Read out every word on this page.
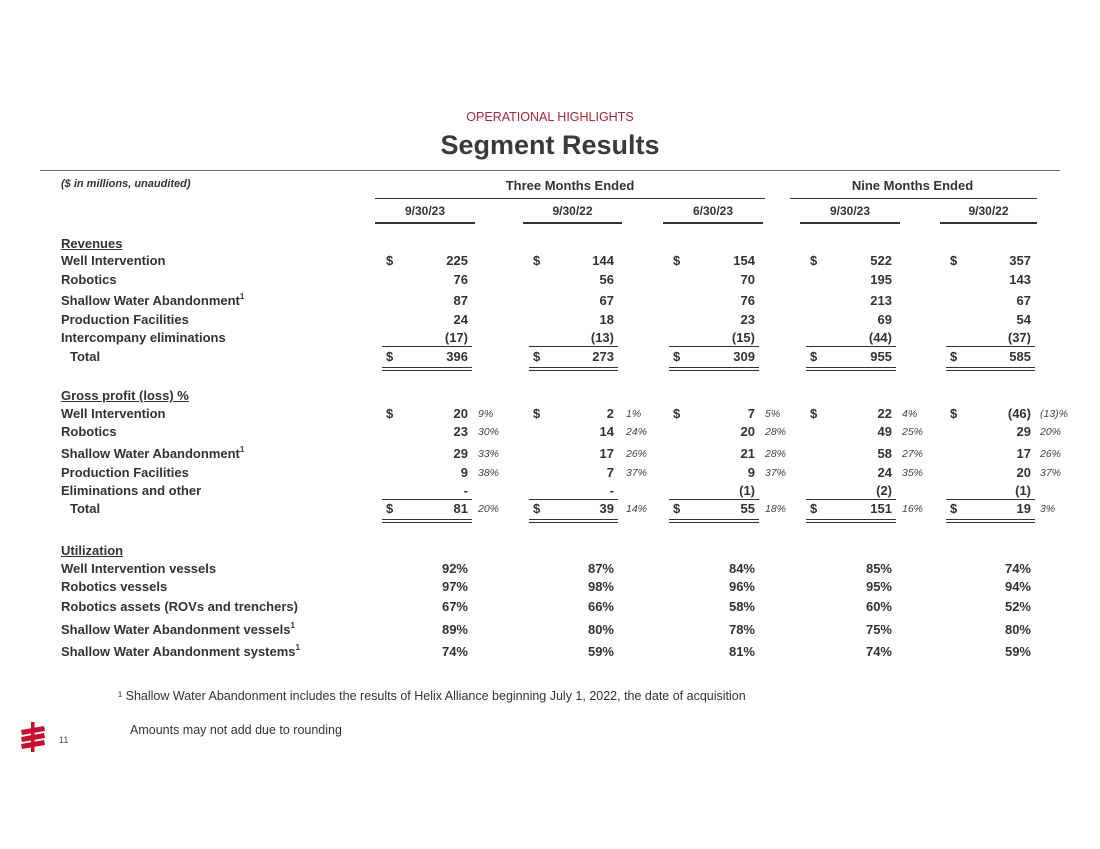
OPERATIONAL HIGHLIGHTS
Segment Results
($ in millions, unaudited)	Three Months Ended	Nine Months Ended
9/30/23	9/30/22	6/30/23	9/30/23	9/30/22
Revenues
Well Intervention	$	225	$	144	$	154	$	522	$	357
Robotics	76	56	70	195	143
Shallow Water Abandonment$^1$	87	67	76	213	67
Production Facilities	24	18	23	69	54
Intercompany eliminations	(17)	(13)	(15)	(44)	(37)
Total	$	396	$	273	$	309	$	955	$	585
Gross profit (loss) %
Well Intervention	$	20 9%	$	2 1% $	7 5% $	22 4%	$	(46) (13)%
Robotics	23 30%	14 24%	20 28%	49 25%	29 20%
Shallow Water Abandonment$^1$	29 33%	17 26%	21 28%	58 27%	17 26%
Production Facilities	9 38%	7 37%	9 37%	24 35%	20 37%
Eliminations and other	-	-	(1)	(2)	(1)
Total	$	81 20%	$	39 14% $	55 18% $	151 16% $	19 3%
Utilization
Well Intervention vessels	92%	87%	84%	85%	74%
Robotics vessels	97%	98%	96%	95%	94%
Robotics assets (ROVs and trenchers)	67%	66%	58%	60%	52%
Shallow Water Abandonment vessels$^1$	89%	80%	78%	75%	80%
Shallow Water Abandonment systems$^1$	74%	59%	81%	74%	59%
¹ Shallow Water Abandonment includes the results of Helix Alliance beginning July 1, 2022, the date of acquisition
Amounts may not add due to rounding
11
